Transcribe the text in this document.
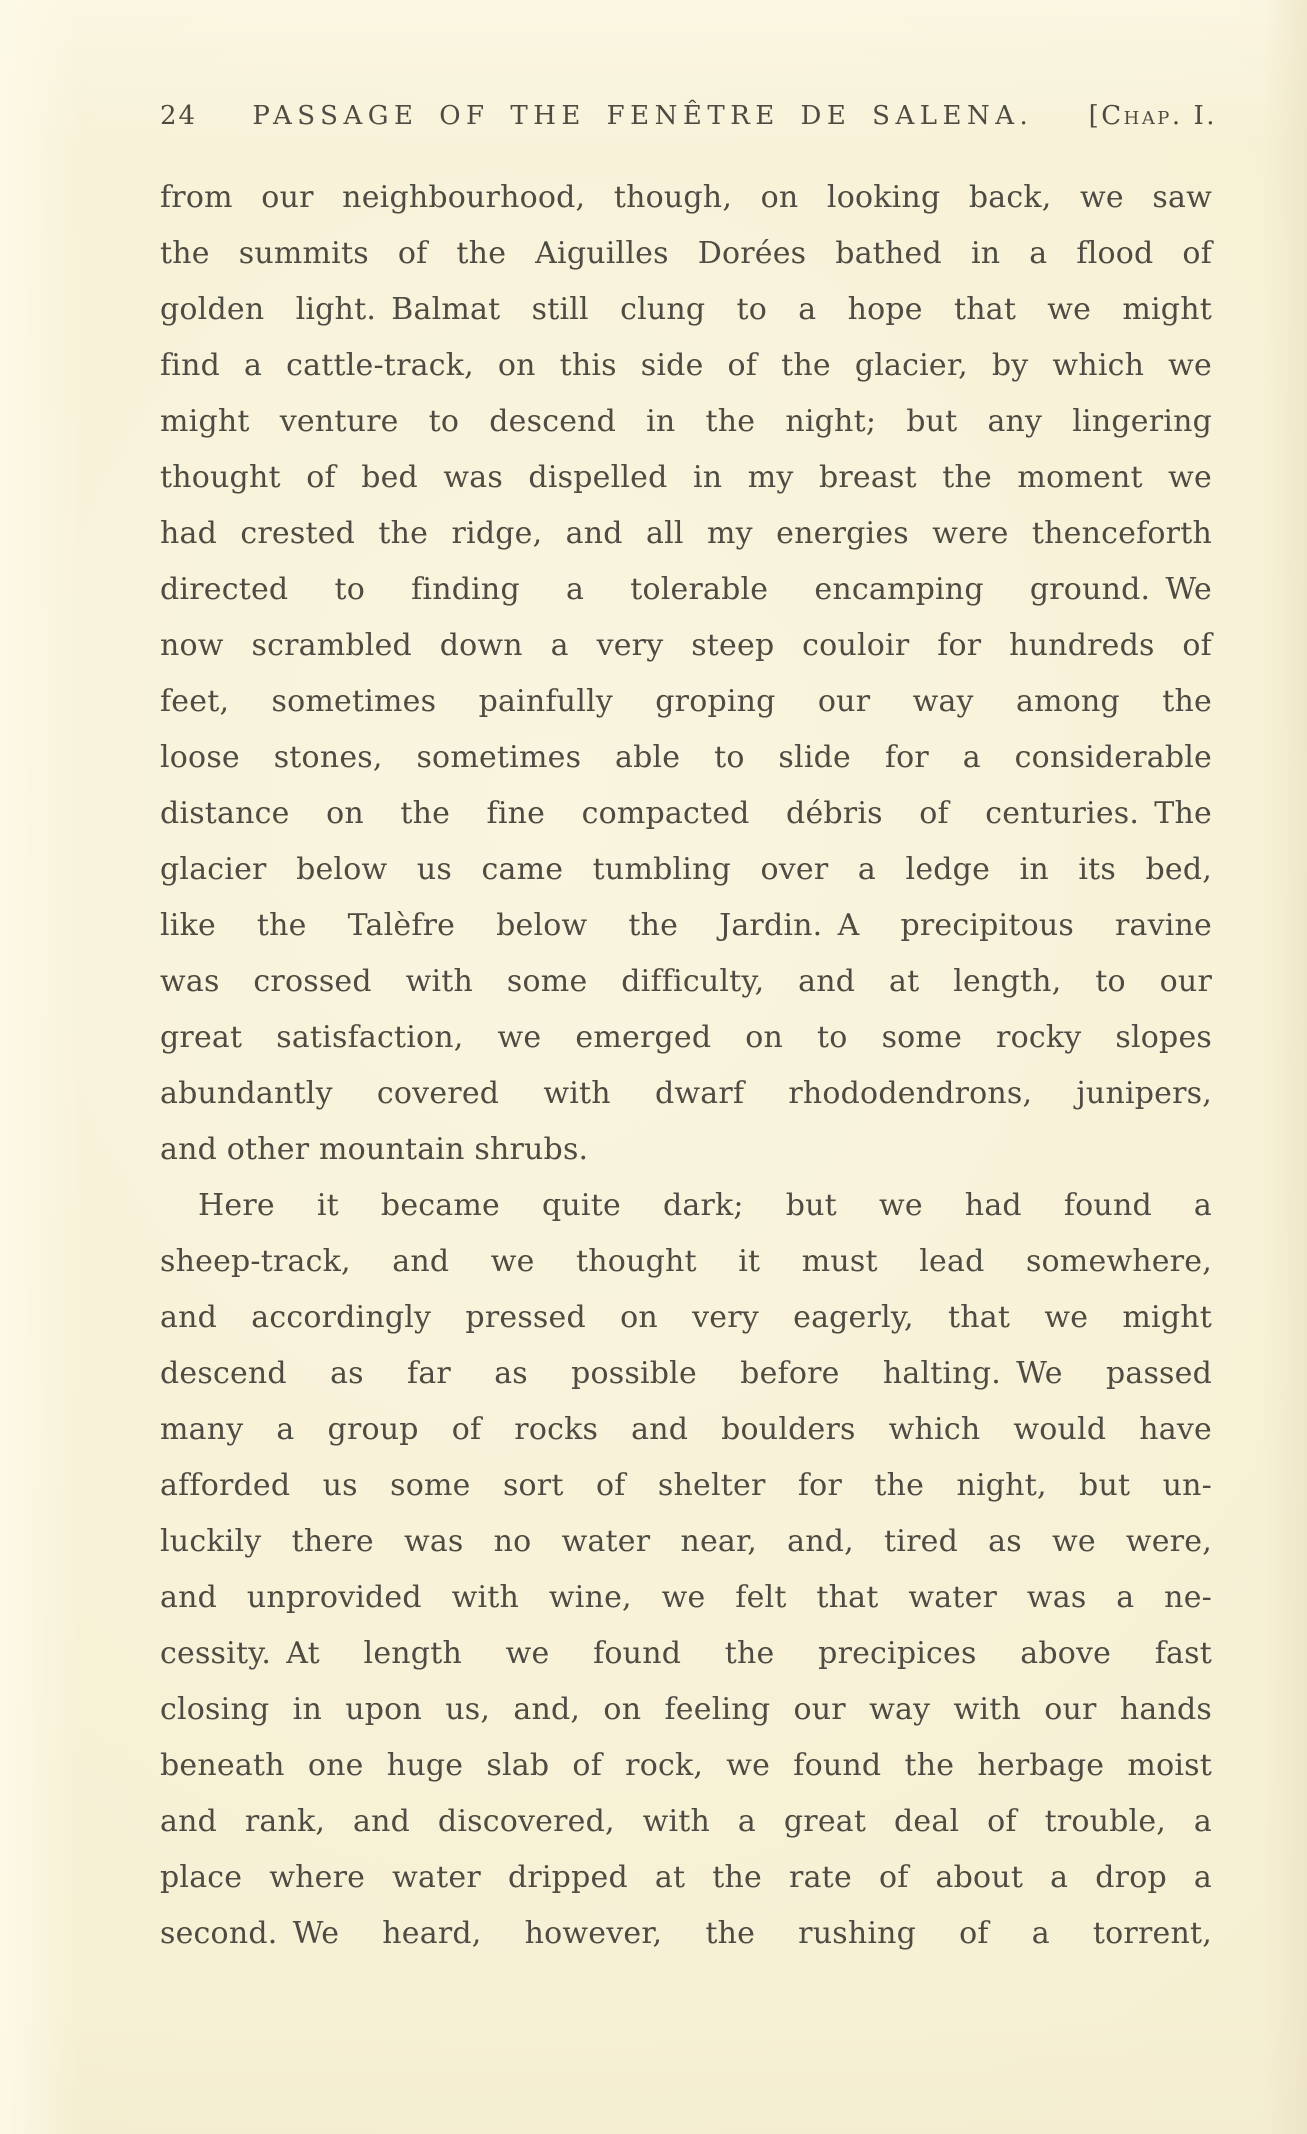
24	PASSAGE OF THE FENÊTRE DE SALENA.	[Chap. I.
from our neighbourhood, though, on looking back, we saw
the summits of the Aiguilles Dorées bathed in a flood of
golden light. Balmat still clung to a hope that we might
find a cattle-track, on this side of the glacier, by which we
might venture to descend in the night; but any lingering
thought of bed was dispelled in my breast the moment we
had crested the ridge, and all my energies were thenceforth
directed to finding a tolerable encamping ground. We
now scrambled down a very steep couloir for hundreds of
feet, sometimes painfully groping our way among the
loose stones, sometimes able to slide for a considerable
distance on the fine compacted débris of centuries. The
glacier below us came tumbling over a ledge in its bed,
like the Talèfre below the Jardin. A precipitous ravine
was crossed with some difficulty, and at length, to our
great satisfaction, we emerged on to some rocky slopes
abundantly covered with dwarf rhododendrons, junipers,
and other mountain shrubs.
Here it became quite dark; but we had found a
sheep-track, and we thought it must lead somewhere,
and accordingly pressed on very eagerly, that we might
descend as far as possible before halting. We passed
many a group of rocks and boulders which would have
afforded us some sort of shelter for the night, but un-
luckily there was no water near, and, tired as we were,
and unprovided with wine, we felt that water was a ne-
cessity. At length we found the precipices above fast
closing in upon us, and, on feeling our way with our hands
beneath one huge slab of rock, we found the herbage moist
and rank, and discovered, with a great deal of trouble, a
place where water dripped at the rate of about a drop a
second. We heard, however, the rushing of a torrent,
